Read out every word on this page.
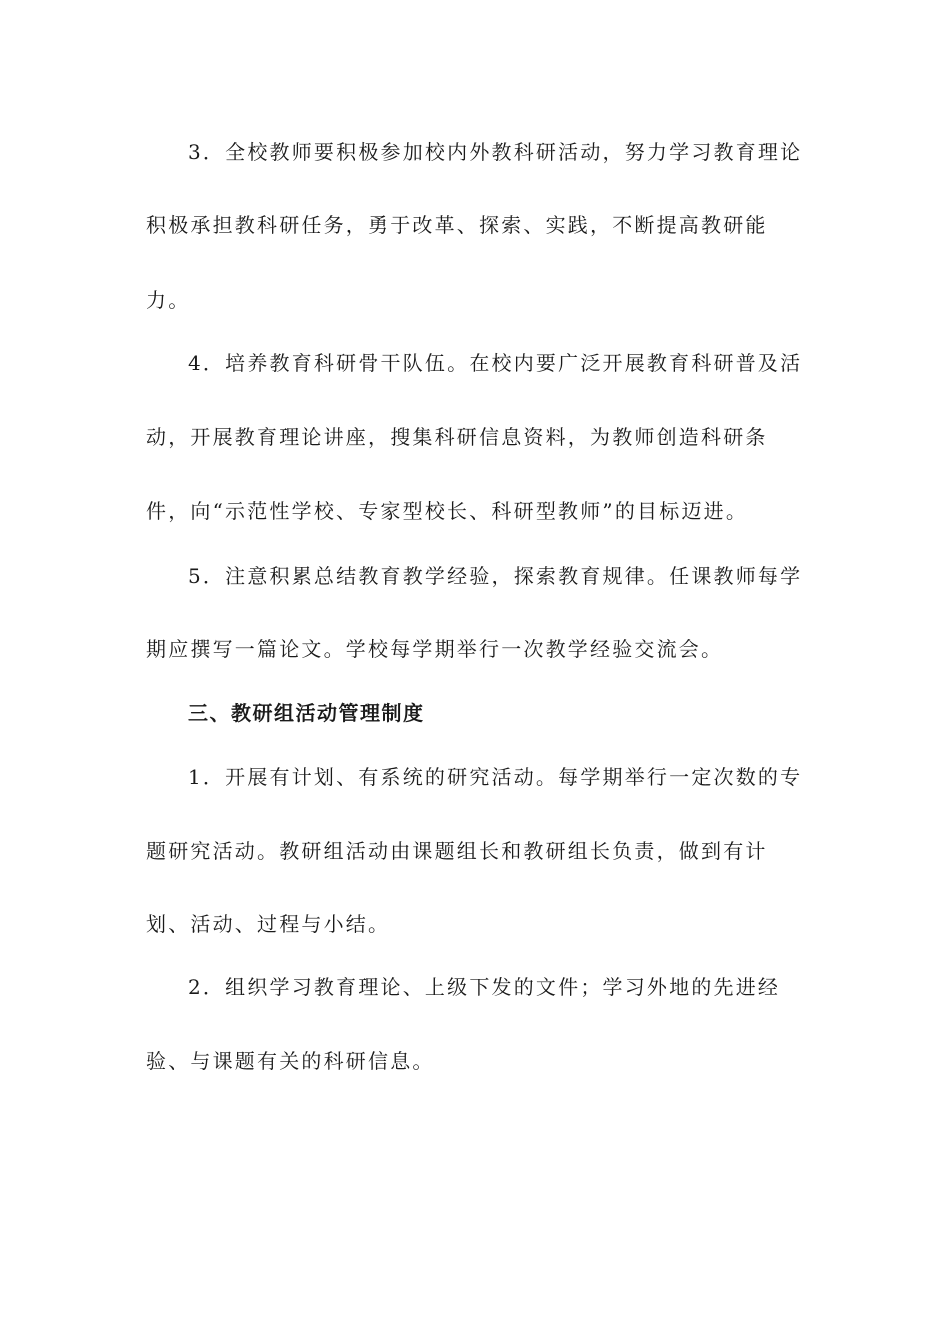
3．全校教师要积极参加校内外教科研活动，努力学习教育理论
积极承担教科研任务，勇于改革、探索、实践，不断提高教研能
力。
4．培养教育科研骨干队伍。在校内要广泛开展教育科研普及活
动，开展教育理论讲座，搜集科研信息资料，为教师创造科研条
件，向“示范性学校、专家型校长、科研型教师”的目标迈进。
5．注意积累总结教育教学经验，探索教育规律。任课教师每学
期应撰写一篇论文。学校每学期举行一次教学经验交流会。
三、教研组活动管理制度
1．开展有计划、有系统的研究活动。每学期举行一定次数的专
题研究活动。教研组活动由课题组长和教研组长负责，做到有计
划、活动、过程与小结。
2．组织学习教育理论、上级下发的文件；学习外地的先进经
验、与课题有关的科研信息。
